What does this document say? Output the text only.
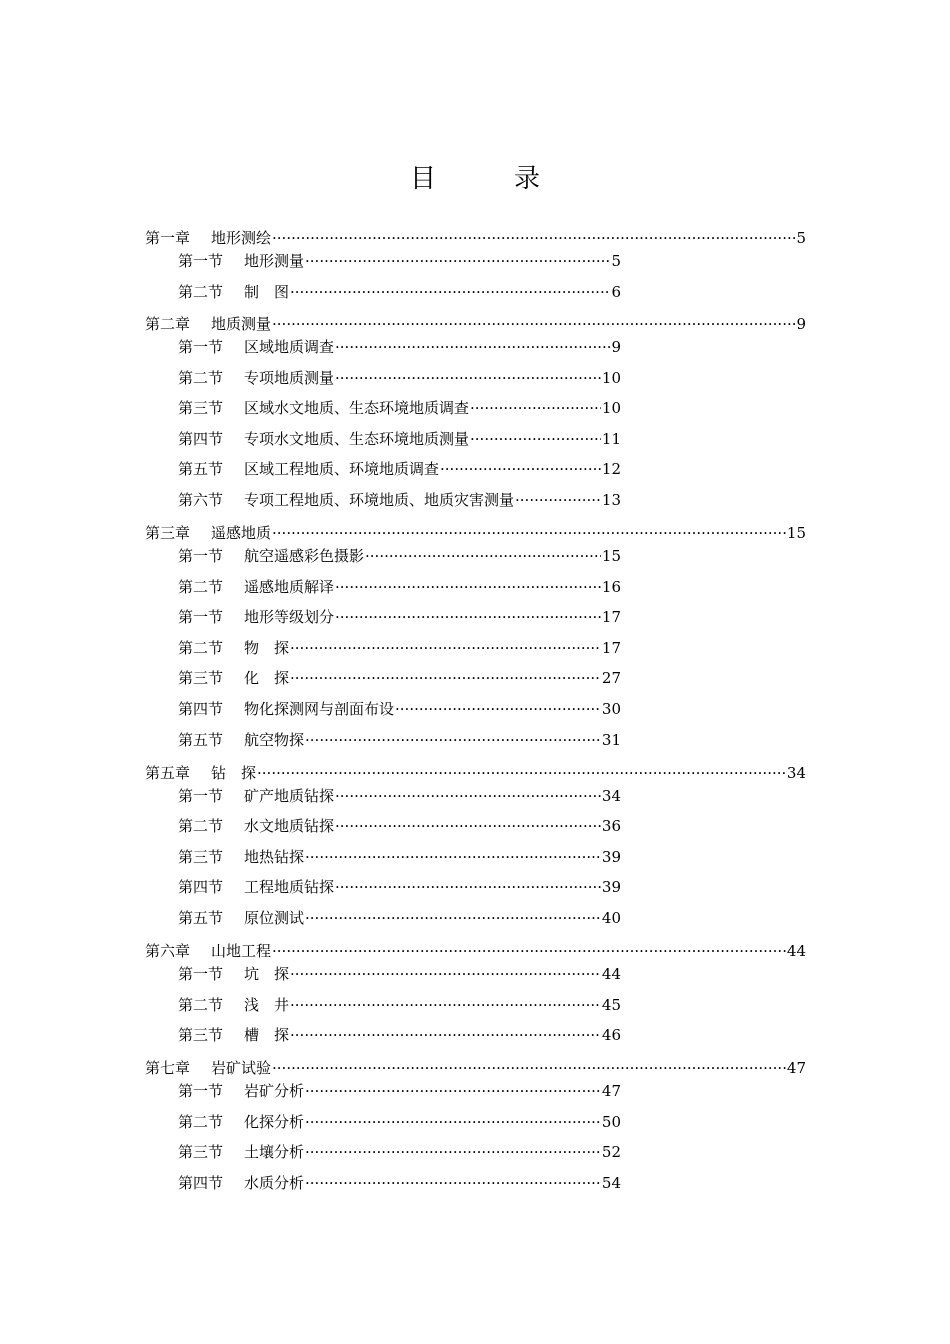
目　录
第一章	地形测绘 ·····	5
第一节	地形测量 ·····	5
第二节	制　图 ·····	6
第二章	地质测量 ·····	9
第一节	区域地质调查 ·····	9
第二节	专项地质测量 ·····	10
第三节	区域水文地质、生态环境地质调查 ·····	10
第四节	专项水文地质、生态环境地质测量 ·····	11
第五节	区域工程地质、环境地质调查 ·····	12
第六节	专项工程地质、环境地质、地质灾害测量 ·····	13
第三章	遥感地质 ·····	15
第一节	航空遥感彩色摄影 ·····	15
第二节	遥感地质解译 ·····	16
第一节	地形等级划分 ·····	17
第二节	物　探 ·····	17
第三节	化　探 ·····	27
第四节	物化探测网与剖面布设 ·····	30
第五节	航空物探 ·····	31
第五章	钻　探 ·····	34
第一节	矿产地质钻探 ·····	34
第二节	水文地质钻探 ·····	36
第三节	地热钻探 ·····	39
第四节	工程地质钻探 ·····	39
第五节	原位测试 ·····	40
第六章	山地工程 ·····	44
第一节	坑　探 ·····	44
第二节	浅　井 ·····	45
第三节	槽　探 ·····	46
第七章	岩矿试验 ·····	47
第一节	岩矿分析 ·····	47
第二节	化探分析 ·····	50
第三节	土壤分析 ·····	52
第四节	水质分析 ·····	54
